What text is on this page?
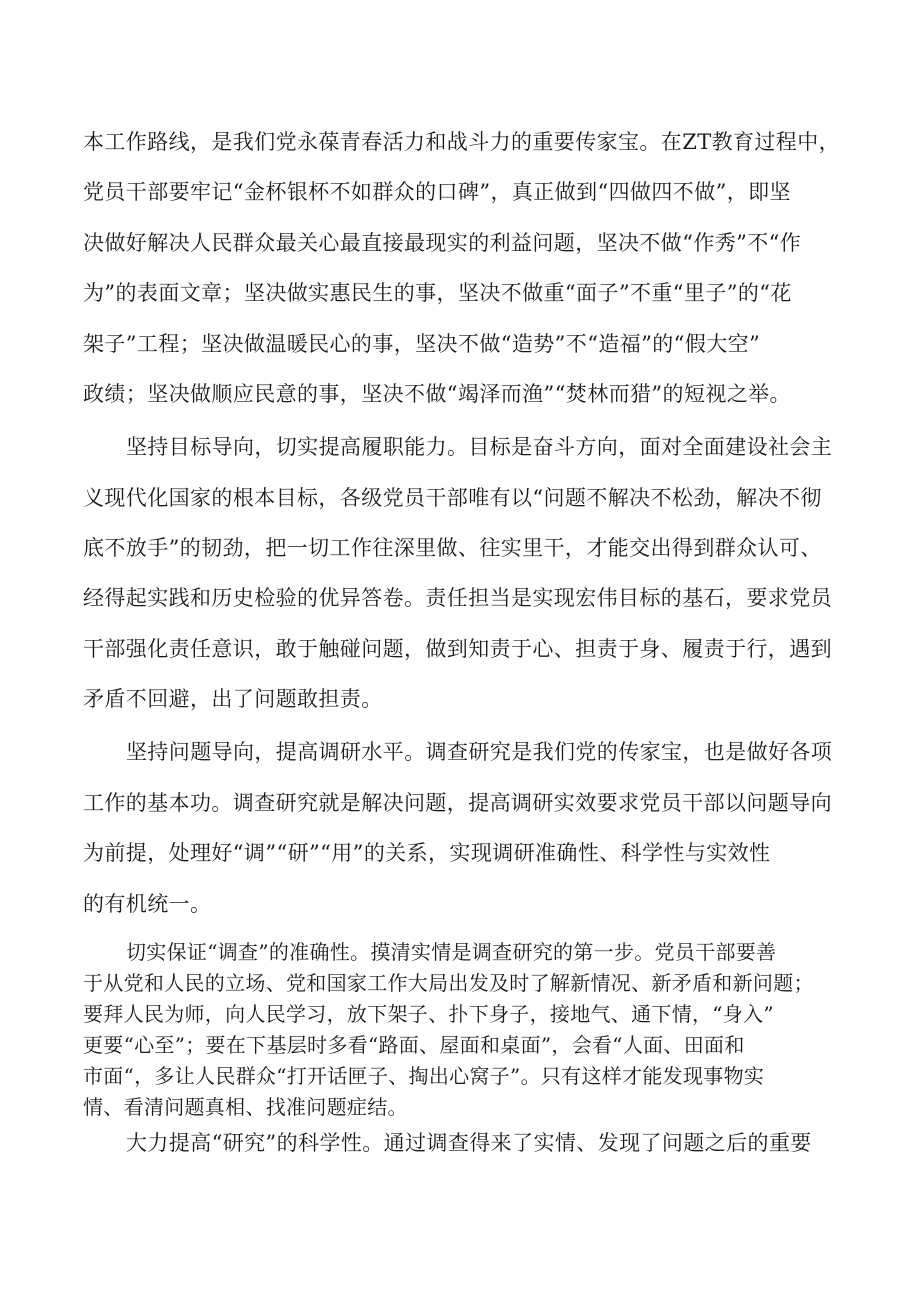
本工作路线，是我们党永葆青春活力和战斗力的重要传家宝。在ZT教育过程中，
党员干部要牢记“金杯银杯不如群众的口碑”，真正做到“四做四不做”，即坚
决做好解决人民群众最关心最直接最现实的利益问题，坚决不做“作秀”不“作
为”的表面文章；坚决做实惠民生的事，坚决不做重“面子”不重“里子”的“花
架子”工程；坚决做温暖民心的事，坚决不做“造势”不“造福”的“假大空”
政绩；坚决做顺应民意的事，坚决不做“竭泽而渔”“焚林而猎”的短视之举。
坚持目标导向，切实提高履职能力。目标是奋斗方向，面对全面建设社会主
义现代化国家的根本目标，各级党员干部唯有以“问题不解决不松劲，解决不彻
底不放手”的韧劲，把一切工作往深里做、往实里干，才能交出得到群众认可、
经得起实践和历史检验的优异答卷。责任担当是实现宏伟目标的基石，要求党员
干部强化责任意识，敢于触碰问题，做到知责于心、担责于身、履责于行，遇到
矛盾不回避，出了问题敢担责。
坚持问题导向，提高调研水平。调查研究是我们党的传家宝，也是做好各项
工作的基本功。调查研究就是解决问题，提高调研实效要求党员干部以问题导向
为前提，处理好“调”“研”“用”的关系，实现调研准确性、科学性与实效性
的有机统一。
切实保证“调查”的准确性。摸清实情是调查研究的第一步。党员干部要善
于从党和人民的立场、党和国家工作大局出发及时了解新情况、新矛盾和新问题；
要拜人民为师，向人民学习，放下架子、扑下身子，接地气、通下情，“身入”
更要“心至”；要在下基层时多看“路面、屋面和桌面”，会看“人面、田面和
市面“，多让人民群众“打开话匣子、掏出心窝子”。只有这样才能发现事物实
情、看清问题真相、找准问题症结。
大力提高“研究”的科学性。通过调查得来了实情、发现了问题之后的重要
